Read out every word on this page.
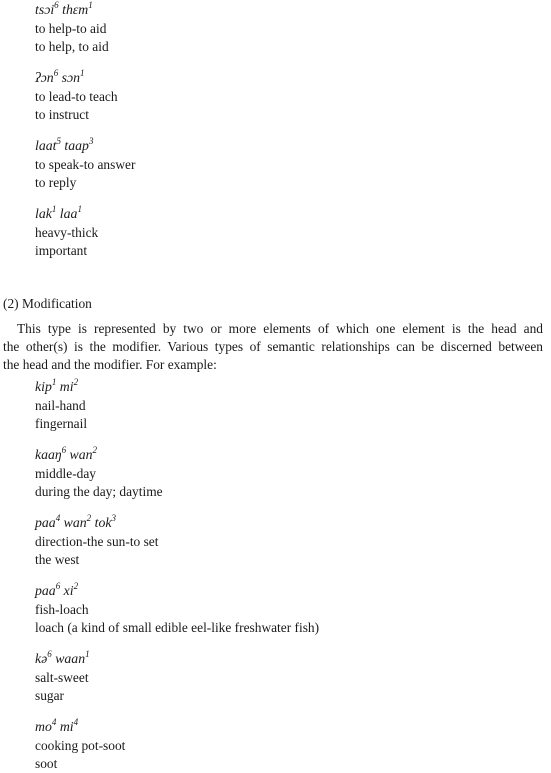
tsɔi$^6$ thɛm$^1$
to help-to aid
to help, to aid
ʔɔn$^6$ sɔn$^1$
to lead-to teach
to instruct
laat$^5$ taap$^3$
to speak-to answer
to reply
lak$^1$ laa$^1$
heavy-thick
important
(2) Modification
This type is represented by two or more elements of which one element is the head and
the other(s) is the modifier. Various types of semantic relationships can be discerned between
the head and the modifier. For example:
kip$^1$ $mi^2$
nail-hand
fingernail
kaaŋ$^6$ wan$^2$
middle-day
during the day; daytime
paa$^4$ wan$^2$ tok$^3$
direction-the sun-to set
the west
paa$^6$ $xi^2$
fish-loach
loach (a kind of small edible eel-like freshwater fish)
kə$^6$ waan$^1$
salt-sweet
sugar
$mo^4$ $mi^4$
cooking pot-soot
soot
